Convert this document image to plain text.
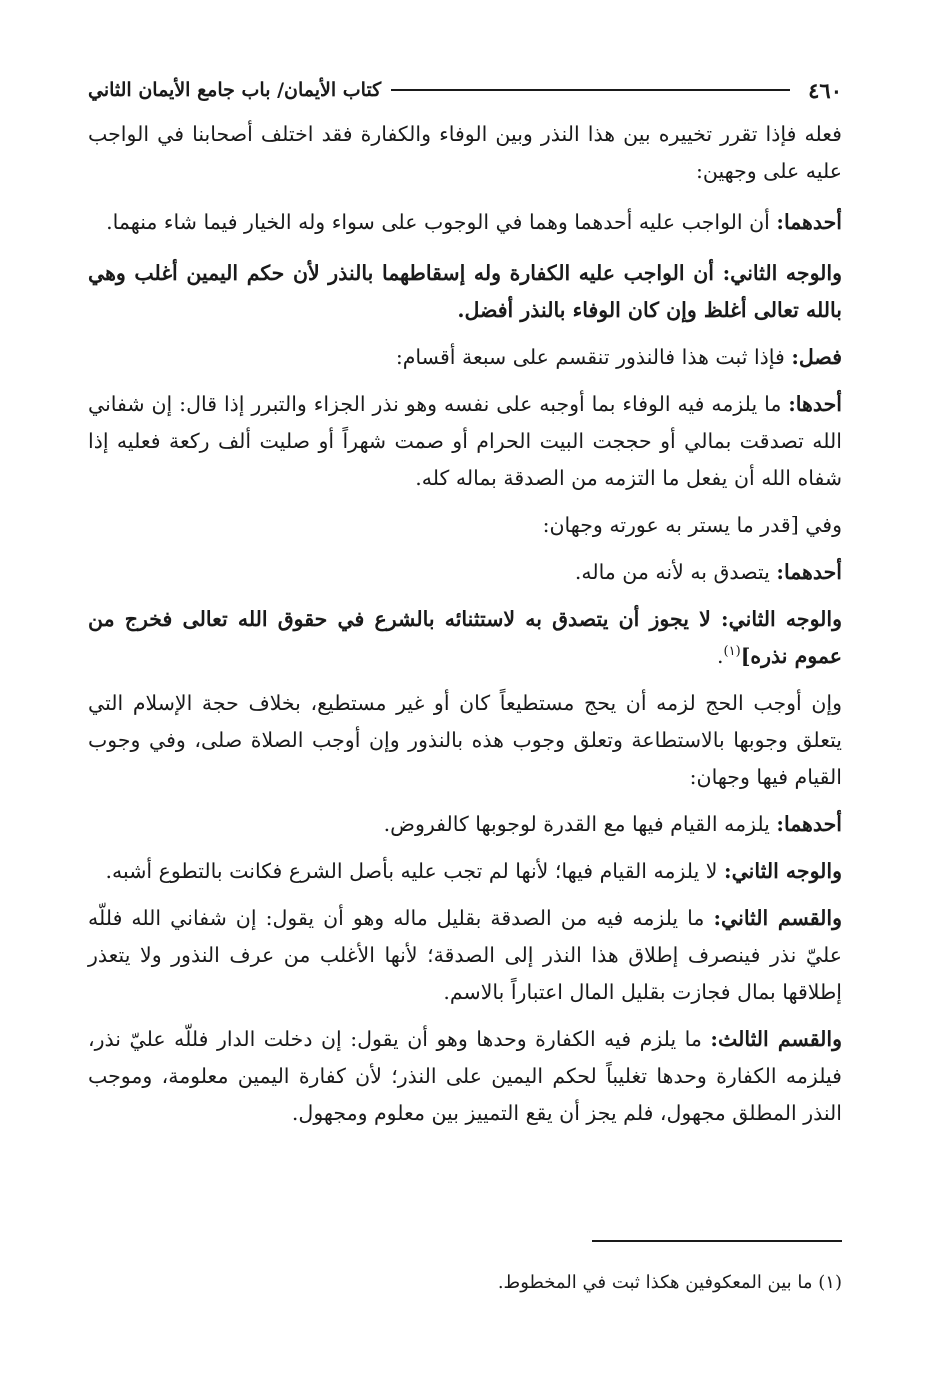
٤٦٠
كتاب الأيمان/ باب جامع الأيمان الثاني

فعله فإذا تقرر تخييره بين هذا النذر وبين الوفاء والكفارة فقد اختلف أصحابنا في الواجب عليه على وجهين:

أحدهما: أن الواجب عليه أحدهما وهما في الوجوب على سواء وله الخيار فيما شاء منهما.

والوجه الثاني: أن الواجب عليه الكفارة وله إسقاطهما بالنذر لأن حكم اليمين أغلب وهي بالله تعالى أغلظ وإن كان الوفاء بالنذر أفضل.

فصل: فإذا ثبت هذا فالنذور تنقسم على سبعة أقسام:

أحدها: ما يلزمه فيه الوفاء بما أوجبه على نفسه وهو نذر الجزاء والتبرر إذا قال: إن شفاني الله تصدقت بمالي أو حججت البيت الحرام أو صمت شهراً أو صليت ألف ركعة فعليه إذا شفاه الله أن يفعل ما التزمه من الصدقة بماله كله.

وفي [قدر ما يستر به عورته وجهان:

أحدهما: يتصدق به لأنه من ماله.

والوجه الثاني: لا يجوز أن يتصدق به لاستثنائه بالشرع في حقوق الله تعالى فخرج من عموم نذره]$^{(١)}$.

وإن أوجب الحج لزمه أن يحج مستطيعاً كان أو غير مستطيع، بخلاف حجة الإسلام التي يتعلق وجوبها بالاستطاعة وتعلق وجوب هذه بالنذور وإن أوجب الصلاة صلى، وفي وجوب القيام فيها وجهان:

أحدهما: يلزمه القيام فيها مع القدرة لوجوبها كالفروض.

والوجه الثاني: لا يلزمه القيام فيها؛ لأنها لم تجب عليه بأصل الشرع فكانت بالتطوع أشبه.

والقسم الثاني: ما يلزمه فيه من الصدقة بقليل ماله وهو أن يقول: إن شفاني الله فللّه عليّ نذر فينصرف إطلاق هذا النذر إلى الصدقة؛ لأنها الأغلب من عرف النذور ولا يتعذر إطلاقها بمال فجازت بقليل المال اعتباراً بالاسم.

والقسم الثالث: ما يلزم فيه الكفارة وحدها وهو أن يقول: إن دخلت الدار فللّه عليّ نذر، فيلزمه الكفارة وحدها تغليباً لحكم اليمين على النذر؛ لأن كفارة اليمين معلومة، وموجب النذر المطلق مجهول، فلم يجز أن يقع التمييز بين معلوم ومجهول.

(١) ما بين المعكوفين هكذا ثبت في المخطوط.
